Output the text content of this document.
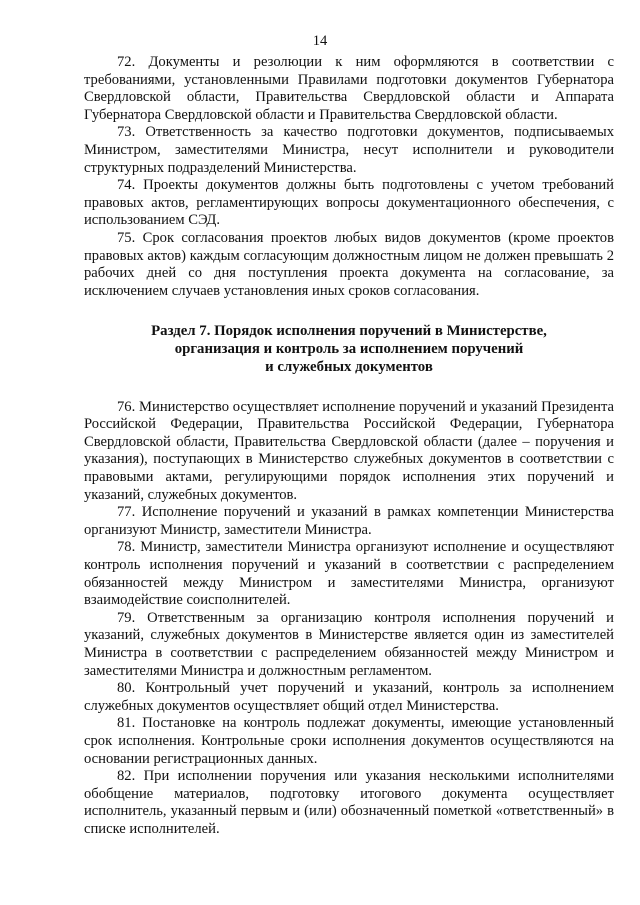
14

72. Документы и резолюции к ним оформляются в соответствии с требованиями, установленными Правилами подготовки документов Губернатора Свердловской области, Правительства Свердловской области и Аппарата Губернатора Свердловской области и Правительства Свердловской области.

73. Ответственность за качество подготовки документов, подписываемых Министром, заместителями Министра, несут исполнители и руководители структурных подразделений Министерства.

74. Проекты документов должны быть подготовлены с учетом требований правовых актов, регламентирующих вопросы документационного обеспечения, с использованием СЭД.

75. Срок согласования проектов любых видов документов (кроме проектов правовых актов) каждым согласующим должностным лицом не должен превышать 2 рабочих дней со дня поступления проекта документа на согласование, за исключением случаев установления иных сроков согласования.

Раздел 7. Порядок исполнения поручений в Министерстве,
организация и контроль за исполнением поручений
и служебных документов

76. Министерство осуществляет исполнение поручений и указаний Президента Российской Федерации, Правительства Российской Федерации, Губернатора Свердловской области, Правительства Свердловской области (далее – поручения и указания), поступающих в Министерство служебных документов в соответствии с правовыми актами, регулирующими порядок исполнения этих поручений и указаний, служебных документов.

77. Исполнение поручений и указаний в рамках компетенции Министерства организуют Министр, заместители Министра.

78. Министр, заместители Министра организуют исполнение и осуществляют контроль исполнения поручений и указаний в соответствии с распределением обязанностей между Министром и заместителями Министра, организуют взаимодействие соисполнителей.

79. Ответственным за организацию контроля исполнения поручений и указаний, служебных документов в Министерстве является один из заместителей Министра в соответствии с распределением обязанностей между Министром и заместителями Министра и должностным регламентом.

80. Контрольный учет поручений и указаний, контроль за исполнением служебных документов осуществляет общий отдел Министерства.

81. Постановке на контроль подлежат документы, имеющие установленный срок исполнения. Контрольные сроки исполнения документов осуществляются на основании регистрационных данных.

82. При исполнении поручения или указания несколькими исполнителями обобщение материалов, подготовку итогового документа осуществляет исполнитель, указанный первым и (или) обозначенный пометкой «ответственный» в списке исполнителей.
